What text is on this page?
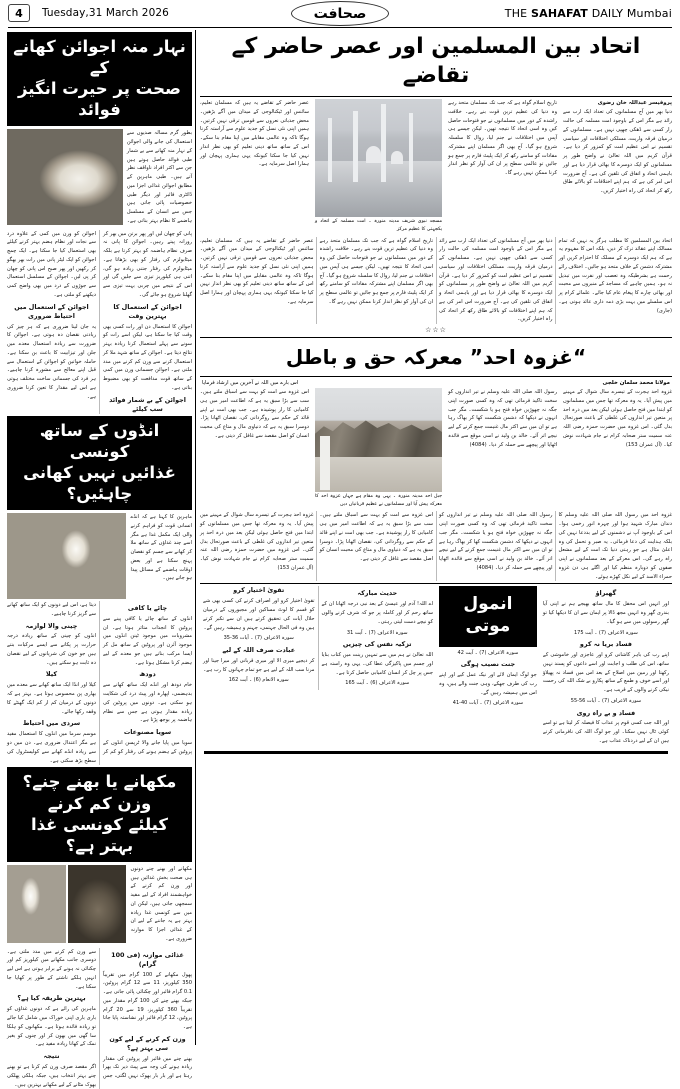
4	Tuesday,31 March 2026	صحافت	THE SAHAFAT DAILY Mumbai
نہار منہ اجوائن کھانے کے
صحت پر حیرت انگیز فوائد

بطور گرم مسالہ صدیوں سے استعمال کی جانے والی اجوائن کے نہار منہ کھانے سے بے شمار طبی فوائد حاصل ہوتے ہیں جن سے اکثر افراد ناواقف نظر آتے ہیں۔ طبی ماہرین کے مطابق اجوائن غذائی اجزا میں ڈائٹری فائبر اور دیگر طبی خصوصیات پائی جاتی ہیں جس سے انسان کے مسلسل ہاضمے کا نظام بہتر بناتی ہے۔

پانی کو چھان لیں اور پھر برتن میں بھر کر روزانہ پیتے رہیں۔ اجوائن کا پانی نہ صرف نظام ہاضمہ کو بہتر کرتا ہے بلکہ میٹابولزم کی رفتار کو بھی بڑھاتا ہے۔ میٹابولزم کی رفتار جتنی زیادہ ہو گی، اتنی ہی کیلوریز تیزی سے جلیں گی اور اس کے نتیجے میں چربی بہت تیزی سے گھلنا شروع ہو جائے گی۔

اجوائن کے استعمال کا بہترین وقت

اجوائن کا استعمال دن اور رات کسی بھی وقت کیا جا سکتا ہے، لیکن اسے رات کو سونے سے پہلے استعمال کرنا زیادہ بہتر نتائج دیتا ہے۔ اجوائن کے ساتھ شہد ملا کر استعمال کرنے سے وزن کم کرنے میں مدد ملتی ہے۔ اجوائن جسمانی وزن میں کمی کے ساتھ قوت مدافعت کو بھی مضبوط بناتی ہے۔

اجوائن کے بے شمار فوائد سب کیلئے

اجوائن کو وزن میں کمی کے علاوہ درد سے نجات اور نظام ہضم بہتر کرنے کیلئے بھی استعمال کیا جا سکتا ہے۔ ایک چمچ اجوائن کو ایک لیٹر پانی میں رات بھر بھگو کر رکھیں اور پھر صبح اس پانی کو چھان کر پی لیں۔ اجوائن کے مسلسل استعمال سے جوڑوں کے درد میں بھی واضح کمی دیکھنے کو ملتی ہے۔

اجوائن کے استعمال میں احتیاط ضروری

یہ جان لینا ضروری ہے کہ ہر چیز کی زیادتی نقصان دہ ہوتی ہے۔ اجوائن کا ضرورت سے زیادہ استعمال معدے میں جلن اور تیزابیت کا باعث بن سکتا ہے۔ حاملہ خواتین کو اجوائن کے استعمال سے قبل اپنے معالج سے مشورہ کرنا چاہیے۔ ہر فرد کی جسمانی ساخت مختلف ہوتی ہے اس لیے مقدار کا تعین کرنا ضروری ہے۔

انڈوں کے ساتھ کونسی
غذائیں نہیں کھانی چاہئیں؟

ماہرین کا کہنا ہے کہ انڈے انسانی قوت کو فراہم کرنے والی ایک مکمل غذا ہے مگر اسے چند غذاؤں کے ساتھ ملا کر کھانے سے جسم کو نقصان پہنچ سکتا ہے اور بعض اوقات ہاضمے کے مسائل پیدا ہو جاتے ہیں۔

چائے یا کافی

انڈوں کے ساتھ چائے یا کافی پینے سے پروٹین کا انجذاب متاثر ہوتا ہے۔ ان مشروبات میں موجود ٹینن انڈوں میں موجود آئرن اور پروٹین کے ساتھ مل کر ایسا مرکب بناتے ہیں جو معدے کے لیے ہضم کرنا مشکل ہوتا ہے۔

دودھ

خام دودھ اور انڈے ایک ساتھ کھانے سے بدہضمی، اپھارہ اور پیٹ درد کی شکایت ہو سکتی ہے۔ دونوں میں پروٹین کی زیادہ مقدار ہوتی ہے جس سے نظام ہاضمہ پر بوجھ پڑتا ہے۔

سویا مصنوعات

سویا میں پایا جانے والا ٹرپسن انڈوں کے پروٹین کے ہضم ہونے کی رفتار کو کم کر دیتا ہے، اس لیے دونوں کو ایک ساتھ کھانے سے گریز کرنا چاہیے۔

چینی والا لوازمہ

انڈوں کو چینی کے ساتھ زیادہ درجہ حرارت پر پکانے سے ایسے مرکبات بنتے ہیں جو خون کی شریانوں کے لیے نقصان دہ ثابت ہو سکتے ہیں۔

کیلا

کیلا اور انڈا ایک ساتھ کھانے سے معدے میں بھاری پن محسوس ہوتا ہے۔ بہتر ہے کہ دونوں کے درمیان کم از کم ایک گھنٹے کا وقفہ رکھا جائے۔

سردی میں احتیاط

موسم سرما میں انڈوں کا استعمال مفید ہے مگر اعتدال ضروری ہے۔ دن میں دو سے زیادہ انڈے کھانے سے کولیسٹرول کی سطح بڑھ سکتی ہے۔

مکھانے یا بھنے چنے؟ وزن کم کرنے
کیلئے کونسی غذا بہتر ہے؟

مکھانے اور بھنے چنے دونوں ہی صحت بخش غذائیں ہیں اور وزن کم کرنے کے خواہشمند افراد کے لیے مفید سمجھی جاتی ہیں، لیکن ان میں سے کونسی غذا زیادہ بہتر ہے یہ جاننے کے لیے ان کے غذائی اجزا کا موازنہ ضروری ہے۔

غذائی موازنہ (فی 100 گرام)

پھول مکھانے کے 100 گرام میں تقریباً 350 کیلوریز، 11 سے 12 گرام پروٹین، 0.1 گرام فائبر اور چکنائی پائی جاتی ہے۔ جبکہ بھنے چنے کی 100 گرام مقدار میں تقریباً 360 کیلوریز، 19 سے 20 گرام پروٹین، 12 گرام فائبر اور نشاستہ پایا جاتا ہے۔

وزن کم کرنے کے لیے کون سی بہتر ہے؟

بھنے چنے میں فائبر اور پروٹین کی مقدار زیادہ ہونے کی وجہ سے پیٹ دیر تک بھرا رہتا ہے اور بار بار بھوک نہیں لگتی، جس سے وزن کم کرنے میں مدد ملتی ہے۔ دوسری جانب مکھانے میں کیلوریز کم اور چکنائی نہ ہونے کے برابر ہوتی ہے اس لیے انہیں ہلکے ناشتے کے طور پر کھایا جا سکتا ہے۔

بہترین طریقہ کیا ہے؟

ماہرین کی رائے ہے کہ دونوں غذاؤں کو باری باری اپنی خوراک میں شامل کیا جائے تو زیادہ فائدہ ہوتا ہے۔ مکھانوں کو ہلکا سا گھی میں بھون کر اور چنوں کو بغیر نمک کے کھانا زیادہ مفید ہے۔

نتیجہ

اگر مقصد صرف وزن کم کرنا ہے تو بھنے چنے بہتر انتخاب ہیں، جبکہ ہلکی پھلکی بھوک مٹانے کے لیے مکھانے بہترین ہیں۔

اتحاد بین المسلمین اور عصر حاضر کے تقاضے
پروفیسر عبداللہ خان رضوی

دنیا بھر میں آج مسلمانوں کی تعداد ایک ارب سے زائد ہے مگر اس کے باوجود امت مسلمہ کی حالت زار کسی سے ڈھکی چھپی نہیں ہے۔ مسلمانوں کے درمیان فرقہ واریت، مسلکی اختلافات اور سیاسی تقسیم نے اس عظیم امت کو کمزور کر دیا ہے۔ قرآن کریم میں اللہ تعالیٰ نے واضح طور پر مسلمانوں کو ایک دوسرے کا بھائی قرار دیا ہے اور باہمی اتحاد و اتفاق کی تلقین کی ہے۔ آج ضرورت اس امر کی ہے کہ ہم اپنے اختلافات کو بالائے طاق رکھ کر اتحاد کی راہ اختیار کریں۔

تاریخ اسلام گواہ ہے کہ جب تک مسلمان متحد رہے وہ دنیا کی عظیم ترین قوت بنے رہے۔ خلافت راشدہ کے دور میں مسلمانوں نے جو فتوحات حاصل کیں وہ اسی اتحاد کا نتیجہ تھیں۔ لیکن جیسے ہی آپس میں اختلافات نے جنم لیا، زوال کا سلسلہ شروع ہو گیا۔ آج بھی اگر مسلمان اپنے مشترکہ مفادات کو سامنے رکھ کر ایک پلیٹ فارم پر جمع ہو جائیں تو عالمی سطح پر ان کی آواز کو نظر انداز کرنا ممکن نہیں رہے گا۔

مسجد نبوی شریف مدینہ منورہ ۔ امت مسلمہ کے اتحاد و یکجہتی کا عظیم مرکز

عصر حاضر کے تقاضے یہ ہیں کہ مسلمان تعلیم، سائنس اور ٹیکنالوجی کے میدان میں آگے بڑھیں۔ محض جذباتی نعروں سے قومیں ترقی نہیں کرتیں۔ ہمیں اپنی نئی نسل کو جدید علوم سے آراستہ کرنا ہوگا تاکہ وہ عالمی مقابلے میں اپنا مقام بنا سکے۔ اس کے ساتھ ساتھ دینی تعلیم کو بھی نظر انداز نہیں کیا جا سکتا کیونکہ یہی ہماری پہچان اور ہمارا اصل سرمایہ ہے۔

اتحاد بین المسلمین کا مطلب ہرگز یہ نہیں کہ تمام مسالک اپنے عقائد ترک کر دیں، بلکہ اس کا مفہوم یہ ہے کہ ہم ایک دوسرے کے مسلک کا احترام کریں اور مشترکہ دشمن کے خلاف متحد ہو جائیں۔ اختلاف رائے رحمت ہے بشرطیکہ وہ تعصب اور نفرت میں تبدیل نہ ہو۔ ہمیں چاہیے کہ مساجد کے منبروں سے محبت اور بھائی چارے کا پیغام عام کیا جائے۔ علمائے کرام پر اس سلسلے میں بہت بڑی ذمہ داری عائد ہوتی ہے۔ (جاری)

دنیا بھر میں آج مسلمانوں کی تعداد ایک ارب سے زائد ہے مگر اس کے باوجود امت مسلمہ کی حالت زار کسی سے ڈھکی چھپی نہیں ہے۔ مسلمانوں کے درمیان فرقہ واریت، مسلکی اختلافات اور سیاسی تقسیم نے اس عظیم امت کو کمزور کر دیا ہے۔ قرآن کریم میں اللہ تعالیٰ نے واضح طور پر مسلمانوں کو ایک دوسرے کا بھائی قرار دیا ہے اور باہمی اتحاد و اتفاق کی تلقین کی ہے۔ آج ضرورت اس امر کی ہے کہ ہم اپنے اختلافات کو بالائے طاق رکھ کر اتحاد کی راہ اختیار کریں۔

تاریخ اسلام گواہ ہے کہ جب تک مسلمان متحد رہے وہ دنیا کی عظیم ترین قوت بنے رہے۔ خلافت راشدہ کے دور میں مسلمانوں نے جو فتوحات حاصل کیں وہ اسی اتحاد کا نتیجہ تھیں۔ لیکن جیسے ہی آپس میں اختلافات نے جنم لیا، زوال کا سلسلہ شروع ہو گیا۔ آج بھی اگر مسلمان اپنے مشترکہ مفادات کو سامنے رکھ کر ایک پلیٹ فارم پر جمع ہو جائیں تو عالمی سطح پر ان کی آواز کو نظر انداز کرنا ممکن نہیں رہے گا۔

عصر حاضر کے تقاضے یہ ہیں کہ مسلمان تعلیم، سائنس اور ٹیکنالوجی کے میدان میں آگے بڑھیں۔ محض جذباتی نعروں سے قومیں ترقی نہیں کرتیں۔ ہمیں اپنی نئی نسل کو جدید علوم سے آراستہ کرنا ہوگا تاکہ وہ عالمی مقابلے میں اپنا مقام بنا سکے۔ اس کے ساتھ ساتھ دینی تعلیم کو بھی نظر انداز نہیں کیا جا سکتا کیونکہ یہی ہماری پہچان اور ہمارا اصل سرمایہ ہے۔

☆☆☆
“غزوہ احد” معرکہ حق و باطل
مولانا محمد سلمان خلجی
اس بارے میں اللہ نے آخرین میں ارشاد فرمایا

غزوہ احد ہجرت کے تیسرے سال شوال کے مہینے میں پیش آیا۔ یہ وہ معرکہ تھا جس میں مسلمانوں کو ابتدا میں فتح حاصل ہوئی لیکن بعد میں درہ احد پر متعین تیر اندازوں کی غلطی کے باعث صورتحال بدل گئی۔ اس غزوہ میں حضرت حمزہ رضی اللہ عنہ سمیت ستر صحابہ کرام نے جام شہادت نوش کیا۔ (آل عمران 153)

رسول اللہ صلی اللہ علیہ وسلم نے تیر اندازوں کو سخت تاکید فرمائی تھی کہ وہ کسی صورت اپنی جگہ نہ چھوڑیں خواہ فتح ہو یا شکست۔ مگر جب انہوں نے دیکھا کہ دشمن شکست کھا کر بھاگ رہا ہے تو ان میں سے اکثر مال غنیمت جمع کرنے کے لیے نیچے اتر آئے۔ خالد بن ولید نے اسی موقع سے فائدہ اٹھایا اور پیچھے سے حملہ کر دیا۔ (4084)

جبل احد مدینہ منورہ ۔ یہی وہ مقام ہے جہاں غزوہ احد کا معرکہ پیش آیا اور مسلمانوں نے عظیم قربانیاں دیں

اس غزوہ سے امت کو بہت سے اسباق ملتے ہیں۔ سب سے بڑا سبق یہ ہے کہ اطاعت امیر میں ہی کامیابی کا راز پوشیدہ ہے۔ جب بھی امت نے اپنے قائد کے حکم سے روگردانی کی، نقصان اٹھانا پڑا۔ دوسرا سبق یہ ہے کہ دنیاوی مال و متاع کی محبت انسان کو اصل مقصد سے غافل کر دیتی ہے۔

غزوہ احد میں رسول اللہ صلی اللہ علیہ وسلم کا دندان مبارک شہید ہوا اور چہرہ انور زخمی ہوا۔ اس کے باوجود آپ نے دشمنوں کے لیے بددعا نہیں کی بلکہ ہدایت کی دعا فرمائی۔ یہ صبر و تحمل کی وہ اعلیٰ مثال ہے جو رہتی دنیا تک امت کے لیے مشعل راہ رہے گی۔ اس معرکے کے بعد مسلمانوں نے اپنی صفوں کو دوبارہ منظم کیا اور اگلے ہی دن غزوہ حمراء الاسد کے لیے نکل کھڑے ہوئے۔

رسول اللہ صلی اللہ علیہ وسلم نے تیر اندازوں کو سخت تاکید فرمائی تھی کہ وہ کسی صورت اپنی جگہ نہ چھوڑیں خواہ فتح ہو یا شکست۔ مگر جب انہوں نے دیکھا کہ دشمن شکست کھا کر بھاگ رہا ہے تو ان میں سے اکثر مال غنیمت جمع کرنے کے لیے نیچے اتر آئے۔ خالد بن ولید نے اسی موقع سے فائدہ اٹھایا اور پیچھے سے حملہ کر دیا۔ (4084)

اس غزوہ سے امت کو بہت سے اسباق ملتے ہیں۔ سب سے بڑا سبق یہ ہے کہ اطاعت امیر میں ہی کامیابی کا راز پوشیدہ ہے۔ جب بھی امت نے اپنے قائد کے حکم سے روگردانی کی، نقصان اٹھانا پڑا۔ دوسرا سبق یہ ہے کہ دنیاوی مال و متاع کی محبت انسان کو اصل مقصد سے غافل کر دیتی ہے۔

غزوہ احد ہجرت کے تیسرے سال شوال کے مہینے میں پیش آیا۔ یہ وہ معرکہ تھا جس میں مسلمانوں کو ابتدا میں فتح حاصل ہوئی لیکن بعد میں درہ احد پر متعین تیر اندازوں کی غلطی کے باعث صورتحال بدل گئی۔ اس غزوہ میں حضرت حمزہ رضی اللہ عنہ سمیت ستر صحابہ کرام نے جام شہادت نوش کیا۔ (آل عمران 153)

حدیث مبارکہ

اے اللہ! آدم اور عیسیٰ کے بعد نبی درجہ اٹھانا ان کے ساتھ رحم کر اور کاملہ پر جو کہ شرف کرنے والوں کو نیچے دست لیتی رہتی۔

سورہ الاعراف (7) ۔ آیت 31
تزکیہ نفس کی چیزیں

اللہ تعالیٰ نے ہم میں سے تمہیں زینت میں کتاب بنایا اور جسم میں پاکیزگی عطا کی۔ یہی وہ راستہ ہے جس پر چل کر انسان کامیابی حاصل کرتا ہے۔

سورہ الاعراف (6) ۔ آیت 165
تقویٰ اختیار کرو

تقویٰ اختیار کرو اور اصراف کرنے کی کسی بھی شے کو قسم کا لوٹ مساکین اور مجبوروں کے درمیان حلال آیات کی تحقیق کرتے ہیں ان سے تکبر کرتے ہیں وہ فی الحال جہنمی، جہنم و ہمیشہ رہیں گے۔

سورہ الاعراف (7) ۔ آیات 36-35
عبادت صرف اللہ کے لیے

کر دیجیے میری الا اور میری قربانی اور میرا جینا اور مرنا سب اللہ کے لیے ہے جو تمام جہانوں کا رب ہے۔

سورہ الانعام (6) ۔ آیت 162
انمول
موتی
سورہ الاعراف (7) ۔ آیت 42
جنت نصیب ہوگی

جو لوگ ایمان لائے اور نیک عمل کیے اور اپنے رب کی طرف جھکے، وہی جنت والے ہیں، وہ اس میں ہمیشہ رہیں گے۔

سورہ الاعراف (7) ۔ آیات 40-41
گھبراؤ

اور انہیں اس محفل کا مال ساتھ بھیجے ہم نے اپنی آیا بندری گھر وہ انہیں مجھ ڈالا پر ایمان سے ان کا دیکھا کیا تو گھر رسولوں میں سے ہو گیا۔

سورہ الاعراف (7) ۔ آیت 175
فساد بریا نہ کرو

اپنے رب کی باہر کاشانی کرو اور عاجزی اور خاموشی کے ساتھ، اس کی طلب و اجابت اور اسے داعوں کو پسند نہیں رکھتا اور زمین میں اصلاح کے بعد اس میں فساد نہ پھیلاؤ اور اسے خوف و طمع کے ساتھ پکارو بے شک اللہ کی رحمت نیکی کرنے والوں کے قریب ہے۔

سورہ الاعراف (7) ۔ آیات 56-55
فساد و بے راہ روی

اور اللہ جب کسی قوم پر عذاب کا فیصلہ کر لیتا ہے تو اسے کوئی ٹال نہیں سکتا۔ اور جو لوگ اللہ کی نافرمانی کرتے ہیں ان کے لیے دردناک عذاب ہے۔
